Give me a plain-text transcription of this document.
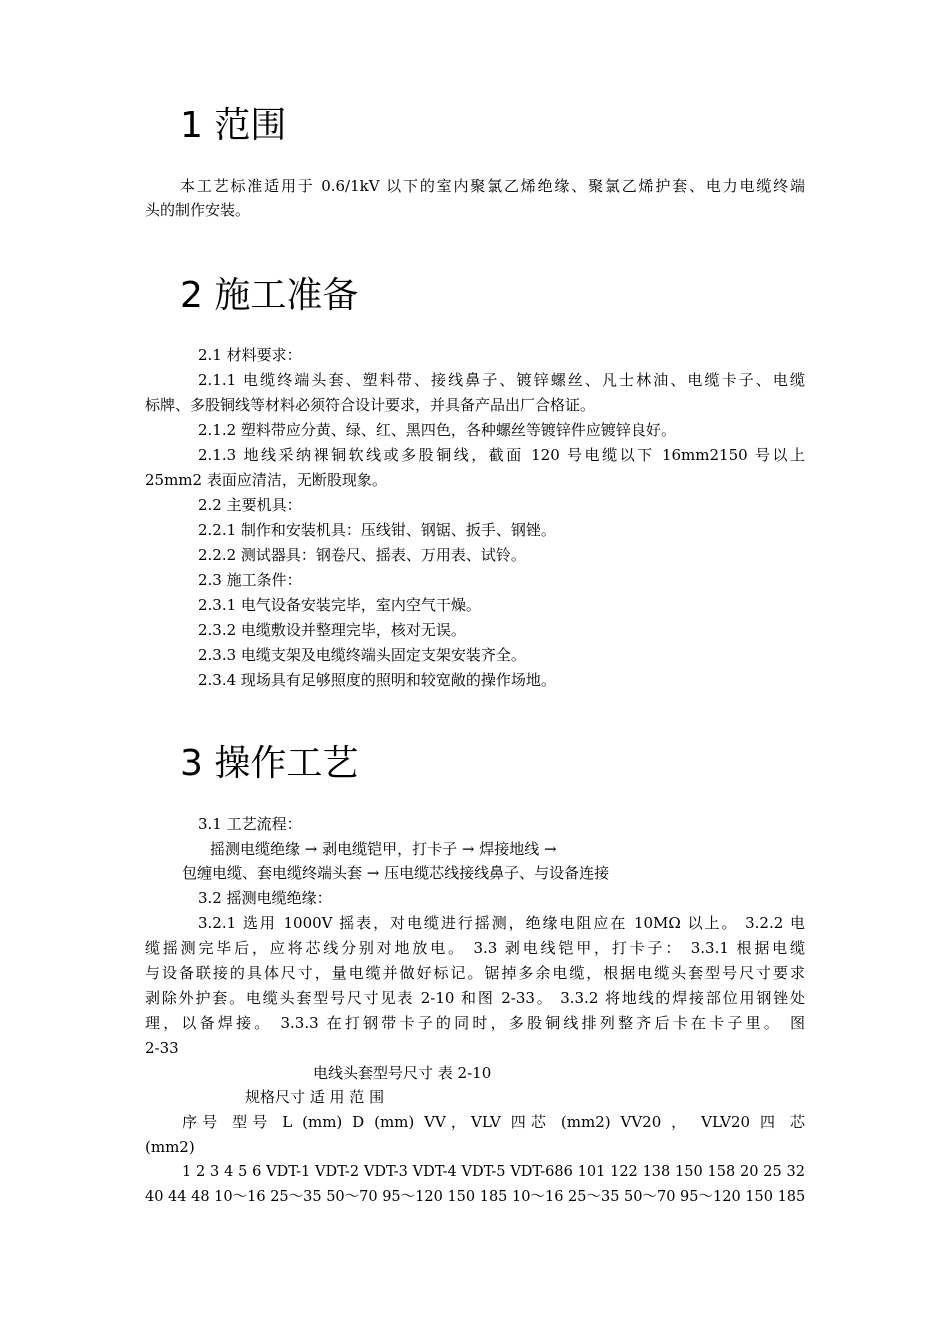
1 范围
本工艺标准适用于 0.6/1kV 以下的室内聚氯乙烯绝缘、聚氯乙烯护套、电力电缆终端
头的制作安装。
2 施工准备
2.1 材料要求：
2.1.1 电缆终端头套、塑料带、接线鼻子、镀锌螺丝、凡士林油、电缆卡子、电缆
标牌、多股铜线等材料必须符合设计要求，并具备产品出厂合格证。
2.1.2 塑料带应分黄、绿、红、黑四色，各种螺丝等镀锌件应镀锌良好。
2.1.3 地线采纳裸铜软线或多股铜线，截面 120 号电缆以下 16mm2150 号以上
25mm2 表面应清洁，无断股现象。
2.2 主要机具：
2.2.1 制作和安装机具：压线钳、钢锯、扳手、钢锉。
2.2.2 测试器具：钢卷尺、摇表、万用表、试铃。
2.3 施工条件：
2.3.1 电气设备安装完毕，室内空气干燥。
2.3.2 电缆敷设并整理完毕，核对无误。
2.3.3 电缆支架及电缆终端头固定支架安装齐全。
2.3.4 现场具有足够照度的照明和较宽敞的操作场地。
3 操作工艺
3.1 工艺流程：
摇测电缆绝缘 → 剥电缆铠甲，打卡子 → 焊接地线 →
包缠电缆、套电缆终端头套 → 压电缆芯线接线鼻子、与设备连接
3.2 摇测电缆绝缘：
3.2.1 选用 1000V 摇表，对电缆进行摇测，绝缘电阻应在 10MΩ 以上。 3.2.2 电
缆摇测完毕后，应将芯线分别对地放电。 3.3 剥电线铠甲，打卡子： 3.3.1 根据电缆
与设备联接的具体尺寸，量电缆并做好标记。锯掉多余电缆，根据电缆头套型号尺寸要求
剥除外护套。电缆头套型号尺寸见表 2-10 和图 2-33。 3.3.2 将地线的焊接部位用钢锉处
理，以备焊接。 3.3.3 在打钢带卡子的同时，多股铜线排列整齐后卡在卡子里。 图
2-33
电线头套型号尺寸 表 2-10
规格尺寸 适 用 范 围
序号 型号 L (mm) D (mm) VV，VLV 四芯 (mm2) VV20 ， VLV20 四 芯
(mm2)
1 2 3 4 5 6 VDT-1 VDT-2 VDT-3 VDT-4 VDT-5 VDT-686 101 122 138 150 158 20 25 32
40 44 48 10～16 25～35 50～70 95～120 150 185 10～16 25～35 50～70 95～120 150 185
